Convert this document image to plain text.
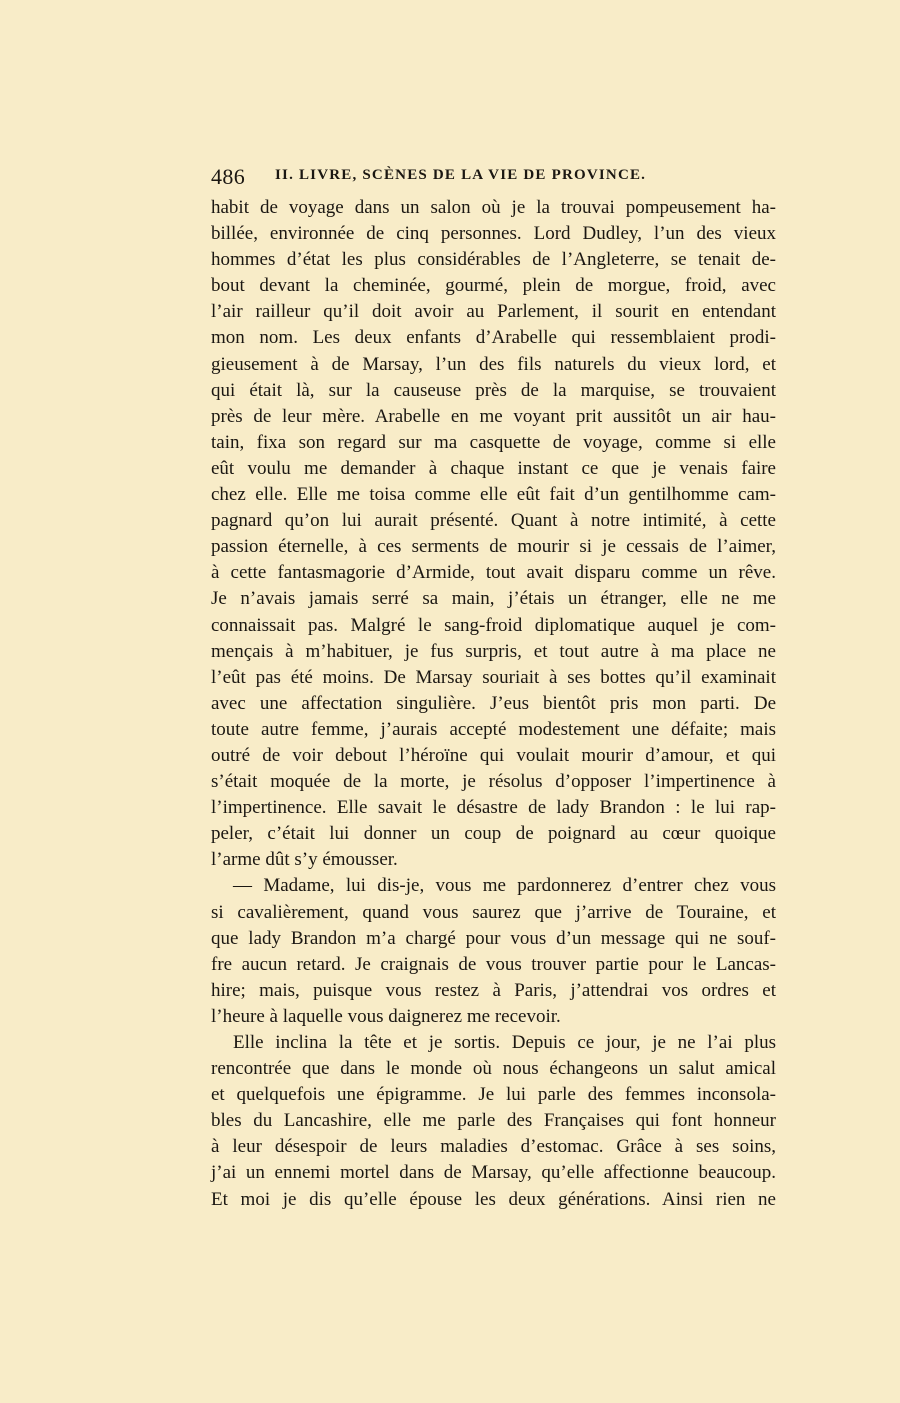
486 II. LIVRE, SCÈNES DE LA VIE DE PROVINCE.
habit de voyage dans un salon où je la trouvai pompeusement ha-
billée, environnée de cinq personnes. Lord Dudley, l’un des vieux
hommes d’état les plus considérables de l’Angleterre, se tenait de-
bout devant la cheminée, gourmé, plein de morgue, froid, avec
l’air railleur qu’il doit avoir au Parlement, il sourit en entendant
mon nom. Les deux enfants d’Arabelle qui ressemblaient prodi-
gieusement à de Marsay, l’un des fils naturels du vieux lord, et
qui était là, sur la causeuse près de la marquise, se trouvaient
près de leur mère. Arabelle en me voyant prit aussitôt un air hau-
tain, fixa son regard sur ma casquette de voyage, comme si elle
eût voulu me demander à chaque instant ce que je venais faire
chez elle. Elle me toisa comme elle eût fait d’un gentilhomme cam-
pagnard qu’on lui aurait présenté. Quant à notre intimité, à cette
passion éternelle, à ces serments de mourir si je cessais de l’aimer,
à cette fantasmagorie d’Armide, tout avait disparu comme un rêve.
Je n’avais jamais serré sa main, j’étais un étranger, elle ne me
connaissait pas. Malgré le sang-froid diplomatique auquel je com-
mençais à m’habituer, je fus surpris, et tout autre à ma place ne
l’eût pas été moins. De Marsay souriait à ses bottes qu’il examinait
avec une affectation singulière. J’eus bientôt pris mon parti. De
toute autre femme, j’aurais accepté modestement une défaite; mais
outré de voir debout l’héroïne qui voulait mourir d’amour, et qui
s’était moquée de la morte, je résolus d’opposer l’impertinence à
l’impertinence. Elle savait le désastre de lady Brandon : le lui rap-
peler, c’était lui donner un coup de poignard au cœur quoique
l’arme dût s’y émousser.
— Madame, lui dis-je, vous me pardonnerez d’entrer chez vous
si cavalièrement, quand vous saurez que j’arrive de Touraine, et
que lady Brandon m’a chargé pour vous d’un message qui ne souf-
fre aucun retard. Je craignais de vous trouver partie pour le Lancas-
hire; mais, puisque vous restez à Paris, j’attendrai vos ordres et
l’heure à laquelle vous daignerez me recevoir.
Elle inclina la tête et je sortis. Depuis ce jour, je ne l’ai plus
rencontrée que dans le monde où nous échangeons un salut amical
et quelquefois une épigramme. Je lui parle des femmes inconsola-
bles du Lancashire, elle me parle des Françaises qui font honneur
à leur désespoir de leurs maladies d’estomac. Grâce à ses soins,
j’ai un ennemi mortel dans de Marsay, qu’elle affectionne beaucoup.
Et moi je dis qu’elle épouse les deux générations. Ainsi rien ne
